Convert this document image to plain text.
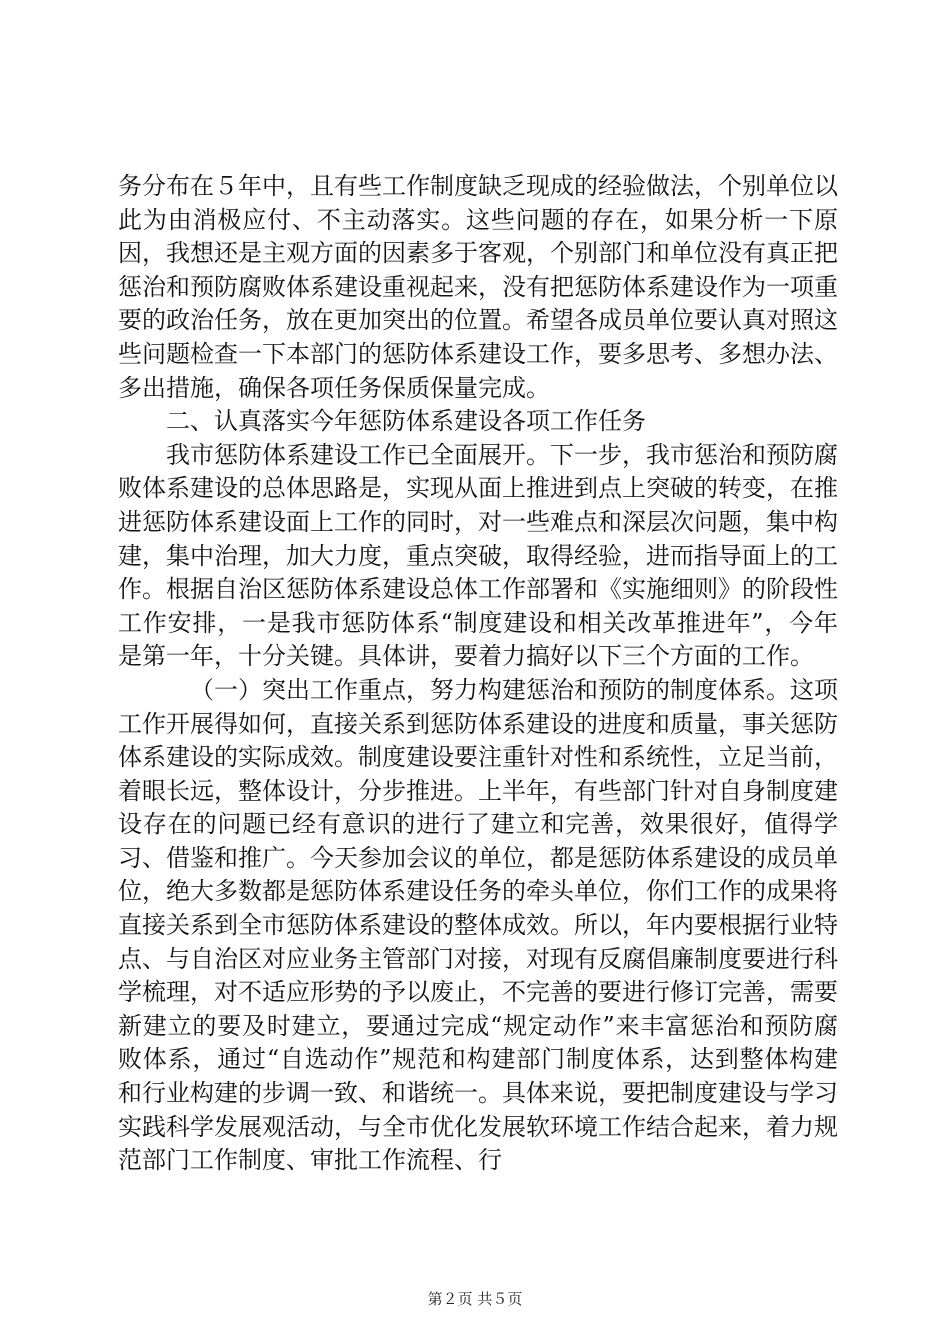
务分布在５年中，且有些工作制度缺乏现成的经验做法，个别单位以此为由消极应付、不主动落实。这些问题的存在，如果分析一下原因，我想还是主观方面的因素多于客观，个别部门和单位没有真正把惩治和预防腐败体系建设重视起来，没有把惩防体系建设作为一项重要的政治任务，放在更加突出的位置。希望各成员单位要认真对照这些问题检查一下本部门的惩防体系建设工作，要多思考、多想办法、多出措施，确保各项任务保质保量完成。

二、认真落实今年惩防体系建设各项工作任务

我市惩防体系建设工作已全面展开。下一步，我市惩治和预防腐败体系建设的总体思路是，实现从面上推进到点上突破的转变，在推进惩防体系建设面上工作的同时，对一些难点和深层次问题，集中构建，集中治理，加大力度，重点突破，取得经验，进而指导面上的工作。根据自治区惩防体系建设总体工作部署和《实施细则》的阶段性工作安排，一是我市惩防体系“制度建设和相关改革推进年”，今年是第一年，十分关键。具体讲，要着力搞好以下三个方面的工作。

（一）突出工作重点，努力构建惩治和预防的制度体系。这项工作开展得如何，直接关系到惩防体系建设的进度和质量，事关惩防体系建设的实际成效。制度建设要注重针对性和系统性，立足当前，着眼长远，整体设计，分步推进。上半年，有些部门针对自身制度建设存在的问题已经有意识的进行了建立和完善，效果很好，值得学习、借鉴和推广。今天参加会议的单位，都是惩防体系建设的成员单位，绝大多数都是惩防体系建设任务的牵头单位，你们工作的成果将直接关系到全市惩防体系建设的整体成效。所以，年内要根据行业特点、与自治区对应业务主管部门对接，对现有反腐倡廉制度要进行科学梳理，对不适应形势的予以废止，不完善的要进行修订完善，需要新建立的要及时建立，要通过完成“规定动作”来丰富惩治和预防腐败体系，通过“自选动作”规范和构建部门制度体系，达到整体构建和行业构建的步调一致、和谐统一。具体来说，要把制度建设与学习实践科学发展观活动，与全市优化发展软环境工作结合起来，着力规范部门工作制度、审批工作流程、行

第２页 共５页
